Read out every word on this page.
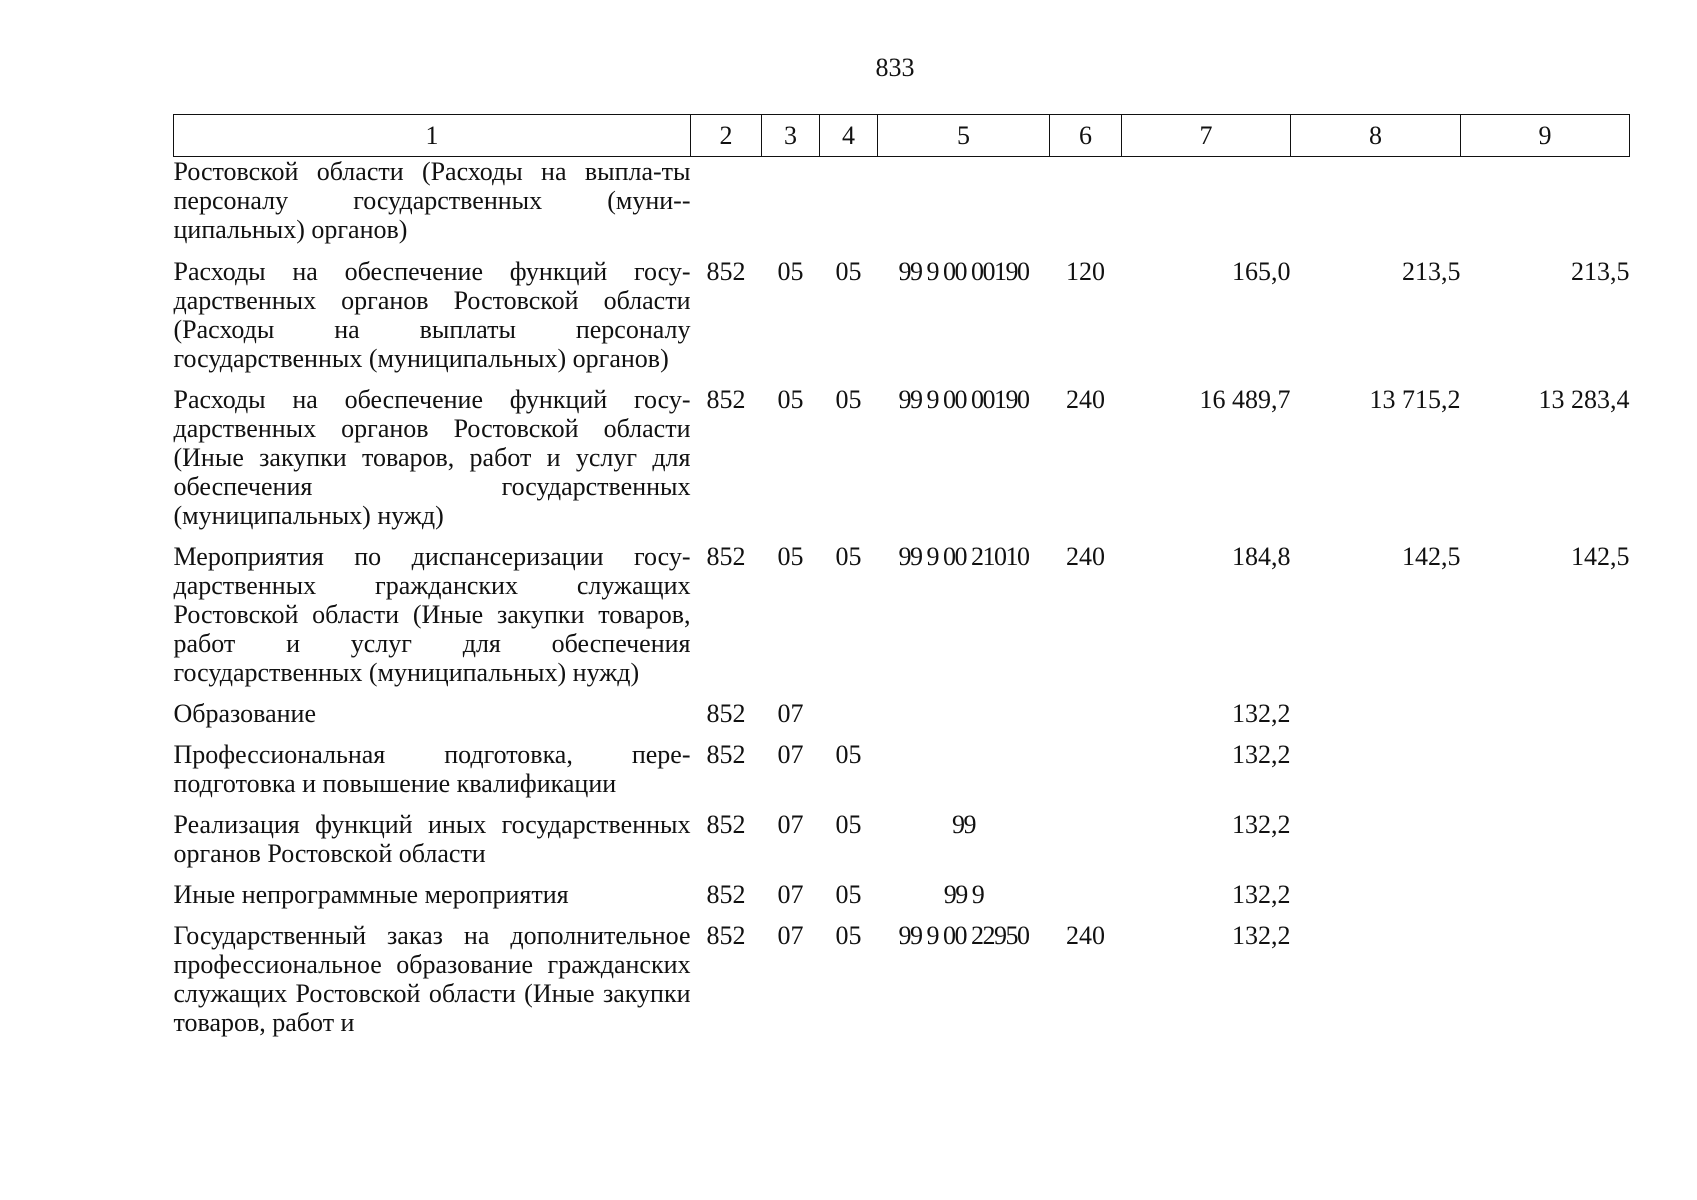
833
1	2	3	4	5	6	7	8	9
Ростовской области (Расходы на выпла-ты персоналу государственных (муни-ципальных) органов)								
Расходы на обеспечение функций государственных органов Ростовской области (Расходы на выплаты персоналу государственных (муниципальных) органов)	852	05	05	99 9 00 00190	120	165,0	213,5	213,5
Расходы на обеспечение функций государственных органов Ростовской области (Иные закупки товаров, работ и услуг для обеспечения государственных (муниципальных) нужд)	852	05	05	99 9 00 00190	240	16 489,7	13 715,2	13 283,4
Мероприятия по диспансеризации государственных гражданских служащих Ростовской области (Иные закупки товаров, работ и услуг для обеспечения государственных (муниципальных) нужд)	852	05	05	99 9 00 21010	240	184,8	142,5	142,5
Образование	852	07				132,2		
Профессиональная подготовка, переподготовка и повышение квалификации	852	07	05			132,2		
Реализация функций иных государственных органов Ростовской области	852	07	05	99		132,2		
Иные непрограммные мероприятия	852	07	05	99 9		132,2		
Государственный заказ на дополнительное профессиональное образование гражданских служащих Ростовской области (Иные закупки товаров, работ и	852	07	05	99 9 00 22950	240	132,2		
